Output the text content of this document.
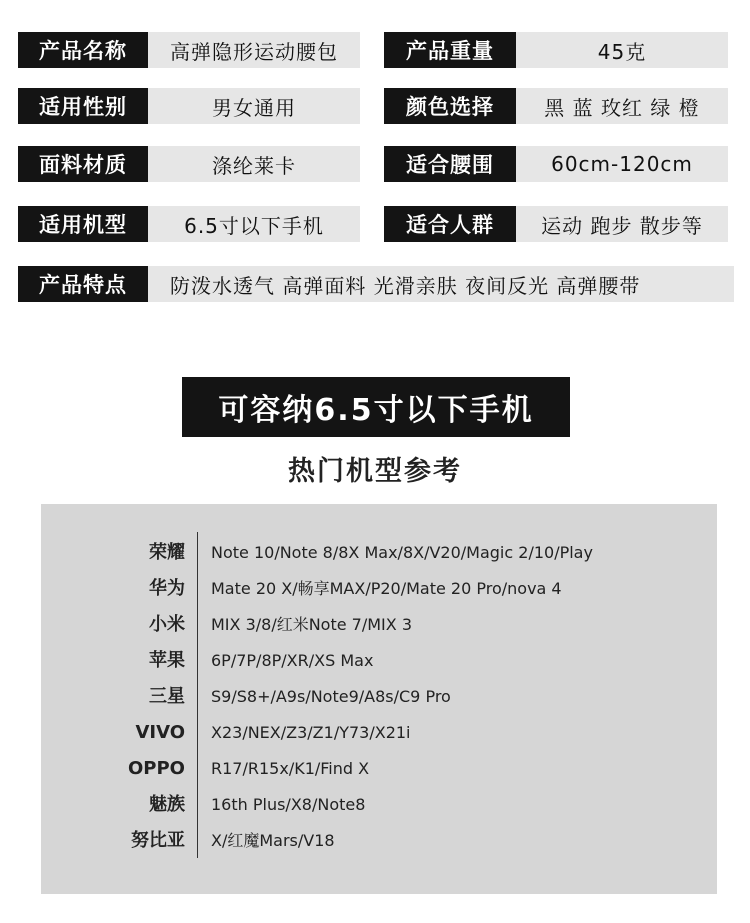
产品名称	高弹隐形运动腰包	产品重量	45克
适用性别	男女通用	颜色选择	黑 蓝 玫红 绿 橙
面料材质	涤纶莱卡	适合腰围	60cm-120cm
适用机型	6.5寸以下手机	适合人群	运动 跑步 散步等
产品特点	防泼水透气 高弹面料 光滑亲肤 夜间反光 高弹腰带
可容纳6.5寸以下手机
热门机型参考
荣耀 Note 10/Note 8/8X Max/8X/V20/Magic 2/10/Play
华为 Mate 20 X/畅享MAX/P20/Mate 20 Pro/nova 4
小米 MIX 3/8/红米Note 7/MIX 3
苹果 6P/7P/8P/XR/XS Max
三星 S9/S8+/A9s/Note9/A8s/C9 Pro
VIVO X23/NEX/Z3/Z1/Y73/X21i
OPPO R17/R15x/K1/Find X
魅族 16th Plus/X8/Note8
努比亚 X/红魔Mars/V18
